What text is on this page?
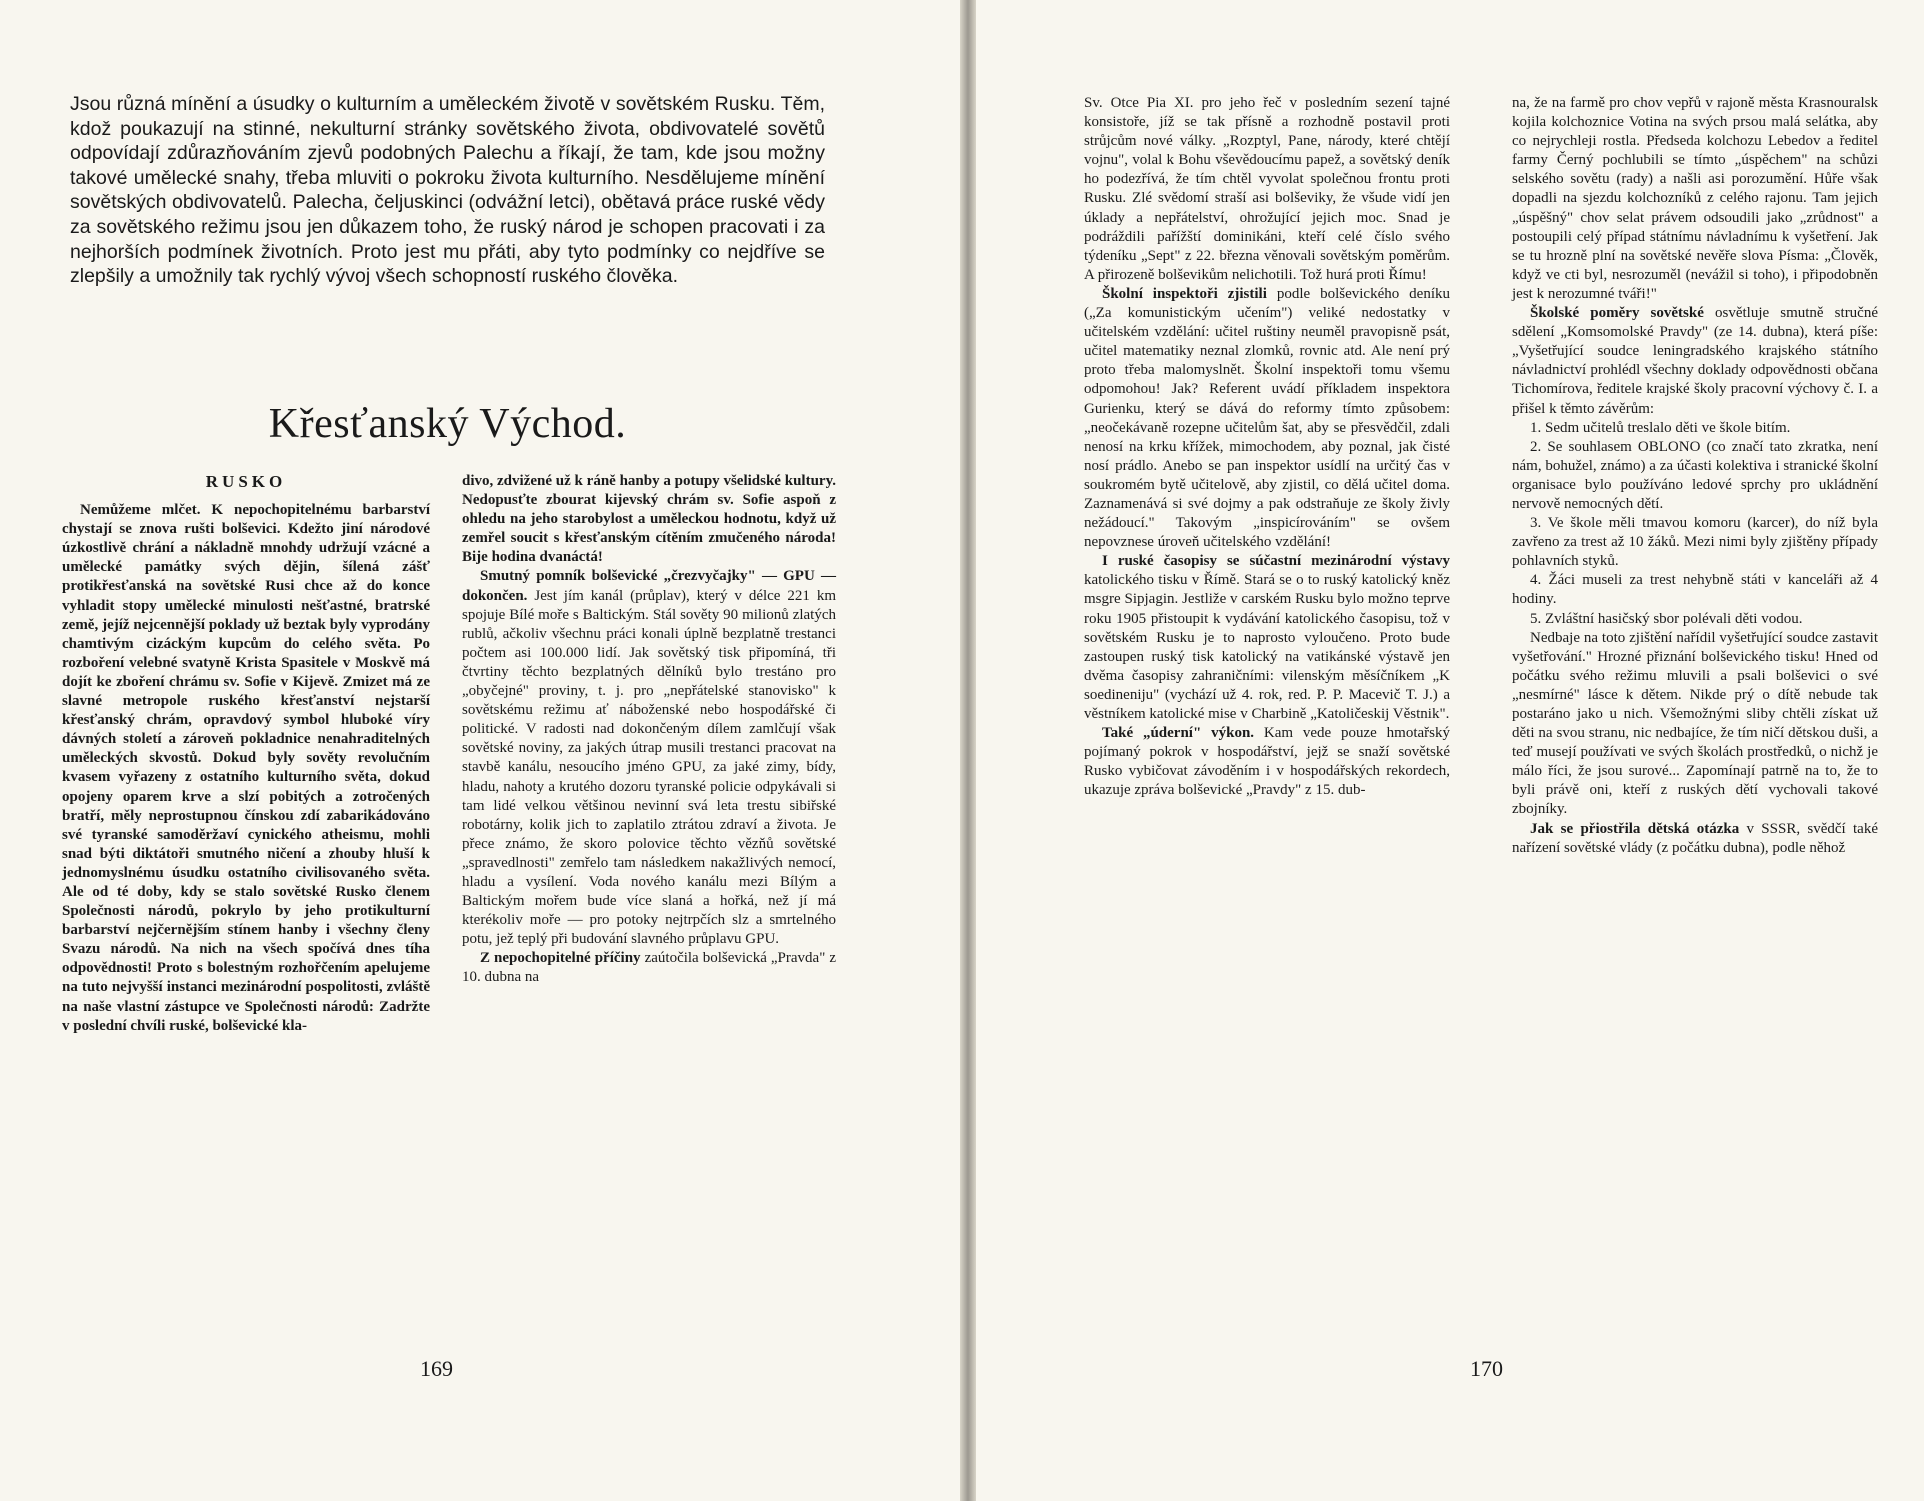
Jsou různá mínění a úsudky o kulturním a uměleckém životě v sovětském Rusku. Těm, kdož poukazují na stinné, nekulturní stránky sovětského života, obdivovatelé sovětů odpovídají zdůrazňováním zjevů podobných Palechu a říkají, že tam, kde jsou možny takové umělecké snahy, třeba mluviti o pokroku života kulturního. Nesdělujeme mínění sovětských obdivovatelů. Palecha, čeljuskinci (odvážní letci), obětavá práce ruské vědy za sovětského režimu jsou jen důkazem toho, že ruský národ je schopen pracovati i za nejhorších podmínek životních. Proto jest mu přáti, aby tyto podmínky co nejdříve se zlepšily a umožnily tak rychlý vývoj všech schopností ruského člověka.

Křesťanský Východ.
RUSKO

Nemůžeme mlčet. K nepochopitelnému barbarství chystají se znova rušti bolševici. Kdežto jiní národové úzkostlivě chrání a nákladně mnohdy udržují vzácné a umělecké památky svých dějin, šílená zášť protikřesťanská na sovětské Rusi chce až do konce vyhladit stopy umělecké minulosti nešťastné, bratrské země, jejíž nejcennější poklady už beztak byly vyprodány chamtivým cizáckým kupcům do celého světa. Po rozboření velebné svatyně Krista Spasitele v Moskvě má dojít ke zboření chrámu sv. Sofie v Kijevě. Zmizet má ze slavné metropole ruského křesťanství nejstarší křesťanský chrám, opravdový symbol hluboké víry dávných století a zároveň pokladnice nenahraditelných uměleckých skvostů. Dokud byly sověty revolučním kvasem vyřazeny z ostatního kulturního světa, dokud opojeny oparem krve a slzí pobitých a zotročených bratří, měly neprostupnou čínskou zdí zabarikádováno své tyranské samoděržaví cynického atheismu, mohli snad býti diktátoři smutného ničení a zhouby hluší k jednomyslnému úsudku ostatního civilisovaného světa. Ale od té doby, kdy se stalo sovětské Rusko členem Společnosti národů, pokrylo by jeho protikulturní barbarství nejčernějším stínem hanby i všechny členy Svazu národů. Na nich na všech spočívá dnes tíha odpovědnosti! Proto s bolestným rozhořčením apelujeme na tuto nejvyšší instanci mezinárodní pospolitosti, zvláště na naše vlastní zástupce ve Společnosti národů: Zadržte v poslední chvíli ruské, bolševické kla-

divo, zdvižené už k ráně hanby a potupy všelidské kultury. Nedopusťte zbourat kijevský chrám sv. Sofie aspoň z ohledu na jeho starobylost a uměleckou hodnotu, když už zemřel soucit s křesťanským cítěním zmučeného národa! Bije hodina dvanáctá!

Smutný pomník bolševické „črezvyčajky" — GPU — dokončen. Jest jím kanál (průplav), který v délce 221 km spojuje Bílé moře s Baltickým. Stál sověty 90 milionů zlatých rublů, ačkoliv všechnu práci konali úplně bezplatně trestanci počtem asi 100.000 lidí. Jak sovětský tisk připomíná, tři čtvrtiny těchto bezplatných dělníků bylo trestáno pro „obyčejné" proviny, t. j. pro „nepřátelské stanovisko" k sovětskému režimu ať náboženské nebo hospodářské či politické. V radosti nad dokončeným dílem zamlčují však sovětské noviny, za jakých útrap musili trestanci pracovat na stavbě kanálu, nesoucího jméno GPU, za jaké zimy, bídy, hladu, nahoty a krutého dozoru tyranské policie odpykávali si tam lidé velkou většinou nevinní svá leta trestu sibiřské robotárny, kolik jich to zaplatilo ztrátou zdraví a života. Je přece známo, že skoro polovice těchto vězňů sovětské „spravedlnosti" zemřelo tam následkem nakažlivých nemocí, hladu a vysílení. Voda nového kanálu mezi Bílým a Baltickým mořem bude více slaná a hořká, než jí má kterékoliv moře — pro potoky nejtrpčích slz a smrtelného potu, jež teplý při budování slavného průplavu GPU.

Z nepochopitelné příčiny zaútočila bolševická „Pravda" z 10. dubna na

169

Sv. Otce Pia XI. pro jeho řeč v posledním sezení tajné konsistoře, jíž se tak přísně a rozhodně postavil proti strůjcům nové války. „Rozptyl, Pane, národy, které chtějí vojnu", volal k Bohu vševědoucímu papež, a sovětský deník ho podezřívá, že tím chtěl vyvolat společnou frontu proti Rusku. Zlé svědomí straší asi bolševiky, že všude vidí jen úklady a nepřátelství, ohrožující jejich moc. Snad je podráždili pařížští dominikáni, kteří celé číslo svého týdeníku „Sept" z 22. března věnovali sovětským poměrům. A přirozeně bolševikům nelichotili. Tož hurá proti Římu!

Školní inspektoři zjistili podle bolševického deníku („Za komunistickým učením") veliké nedostatky v učitelském vzdělání: učitel ruštiny neuměl pravopisně psát, učitel matematiky neznal zlomků, rovnic atd. Ale není prý proto třeba malomyslnět. Školní inspektoři tomu všemu odpomohou! Jak? Referent uvádí příkladem inspektora Gurienku, který se dává do reformy tímto způsobem: „neočekávaně rozepne učitelům šat, aby se přesvědčil, zdali nenosí na krku křížek, mimochodem, aby poznal, jak čisté nosí prádlo. Anebo se pan inspektor usídlí na určitý čas v soukromém bytě učitelově, aby zjistil, co dělá učitel doma. Zaznamenává si své dojmy a pak odstraňuje ze školy živly nežádoucí." Takovým „inspicírováním" se ovšem nepovznese úroveň učitelského vzdělání!

I ruské časopisy se súčastní mezinárodní výstavy katolického tisku v Římě. Stará se o to ruský katolický kněz msgre Sipjagin. Jestliže v carském Rusku bylo možno teprve roku 1905 přistoupit k vydávání katolického časopisu, tož v sovětském Rusku je to naprosto vyloučeno. Proto bude zastoupen ruský tisk katolický na vatikánské výstavě jen dvěma časopisy zahraničními: vilenským měsíčníkem „K soedineniju" (vychází už 4. rok, red. P. P. Macevič T. J.) a věstníkem katolické mise v Charbině „Katoličeskij Věstnik".

Také „úderní" výkon. Kam vede pouze hmotařský pojímaný pokrok v hospodářství, jejž se snaží sovětské Rusko vybičovat závoděním i v hospodářských rekordech, ukazuje zpráva bolševické „Pravdy" z 15. dub-

na, že na farmě pro chov vepřů v rajoně města Krasnouralsk kojila kolchoznice Votina na svých prsou malá selátka, aby co nejrychleji rostla. Předseda kolchozu Lebedov a ředitel farmy Černý pochlubili se tímto „úspěchem" na schůzi selského sovětu (rady) a našli asi porozumění. Hůře však dopadli na sjezdu kolchozníků z celého rajonu. Tam jejich „úspěšný" chov selat právem odsoudili jako „zrůdnost" a postoupili celý případ státnímu návladnímu k vyšetření. Jak se tu hrozně plní na sovětské nevěře slova Písma: „Člověk, když ve cti byl, nesrozuměl (nevážil si toho), i připodobněn jest k nerozumné tváři!"

Školské poměry sovětské osvětluje smutně stručné sdělení „Komsomolské Pravdy" (ze 14. dubna), která píše: „Vyšetřující soudce leningradského krajského státního návladnictví prohlédl všechny doklady odpovědnosti občana Tichomírova, ředitele krajské školy pracovní výchovy č. I. a přišel k těmto závěrům:

1. Sedm učitelů treslalo děti ve škole bitím.

2. Se souhlasem OBLONO (co značí tato zkratka, není nám, bohužel, známo) a za účasti kolektiva i stranické školní organisace bylo používáno ledové sprchy pro ukládnění nervově nemocných dětí.

3. Ve škole měli tmavou komoru (karcer), do níž byla zavřeno za trest až 10 žáků. Mezi nimi byly zjištěny případy pohlavních styků.

4. Žáci museli za trest nehybně státi v kanceláři až 4 hodiny.

5. Zvláštní hasičský sbor polévali děti vodou.

Nedbaje na toto zjištění nařídil vyšetřující soudce zastavit vyšetřování." Hrozné přiznání bolševického tisku! Hned od počátku svého režimu mluvili a psali bolševici o své „nesmírné" lásce k dětem. Nikde prý o dítě nebude tak postaráno jako u nich. Všemožnými sliby chtěli získat už děti na svou stranu, nic nedbajíce, že tím ničí dětskou duši, a teď musejí používati ve svých školách prostředků, o nichž je málo říci, že jsou surové... Zapomínají patrně na to, že to byli právě oni, kteří z ruských dětí vychovali takové zbojníky.

Jak se přiostřila dětská otázka v SSSR, svědčí také nařízení sovětské vlády (z počátku dubna), podle něhož

170
